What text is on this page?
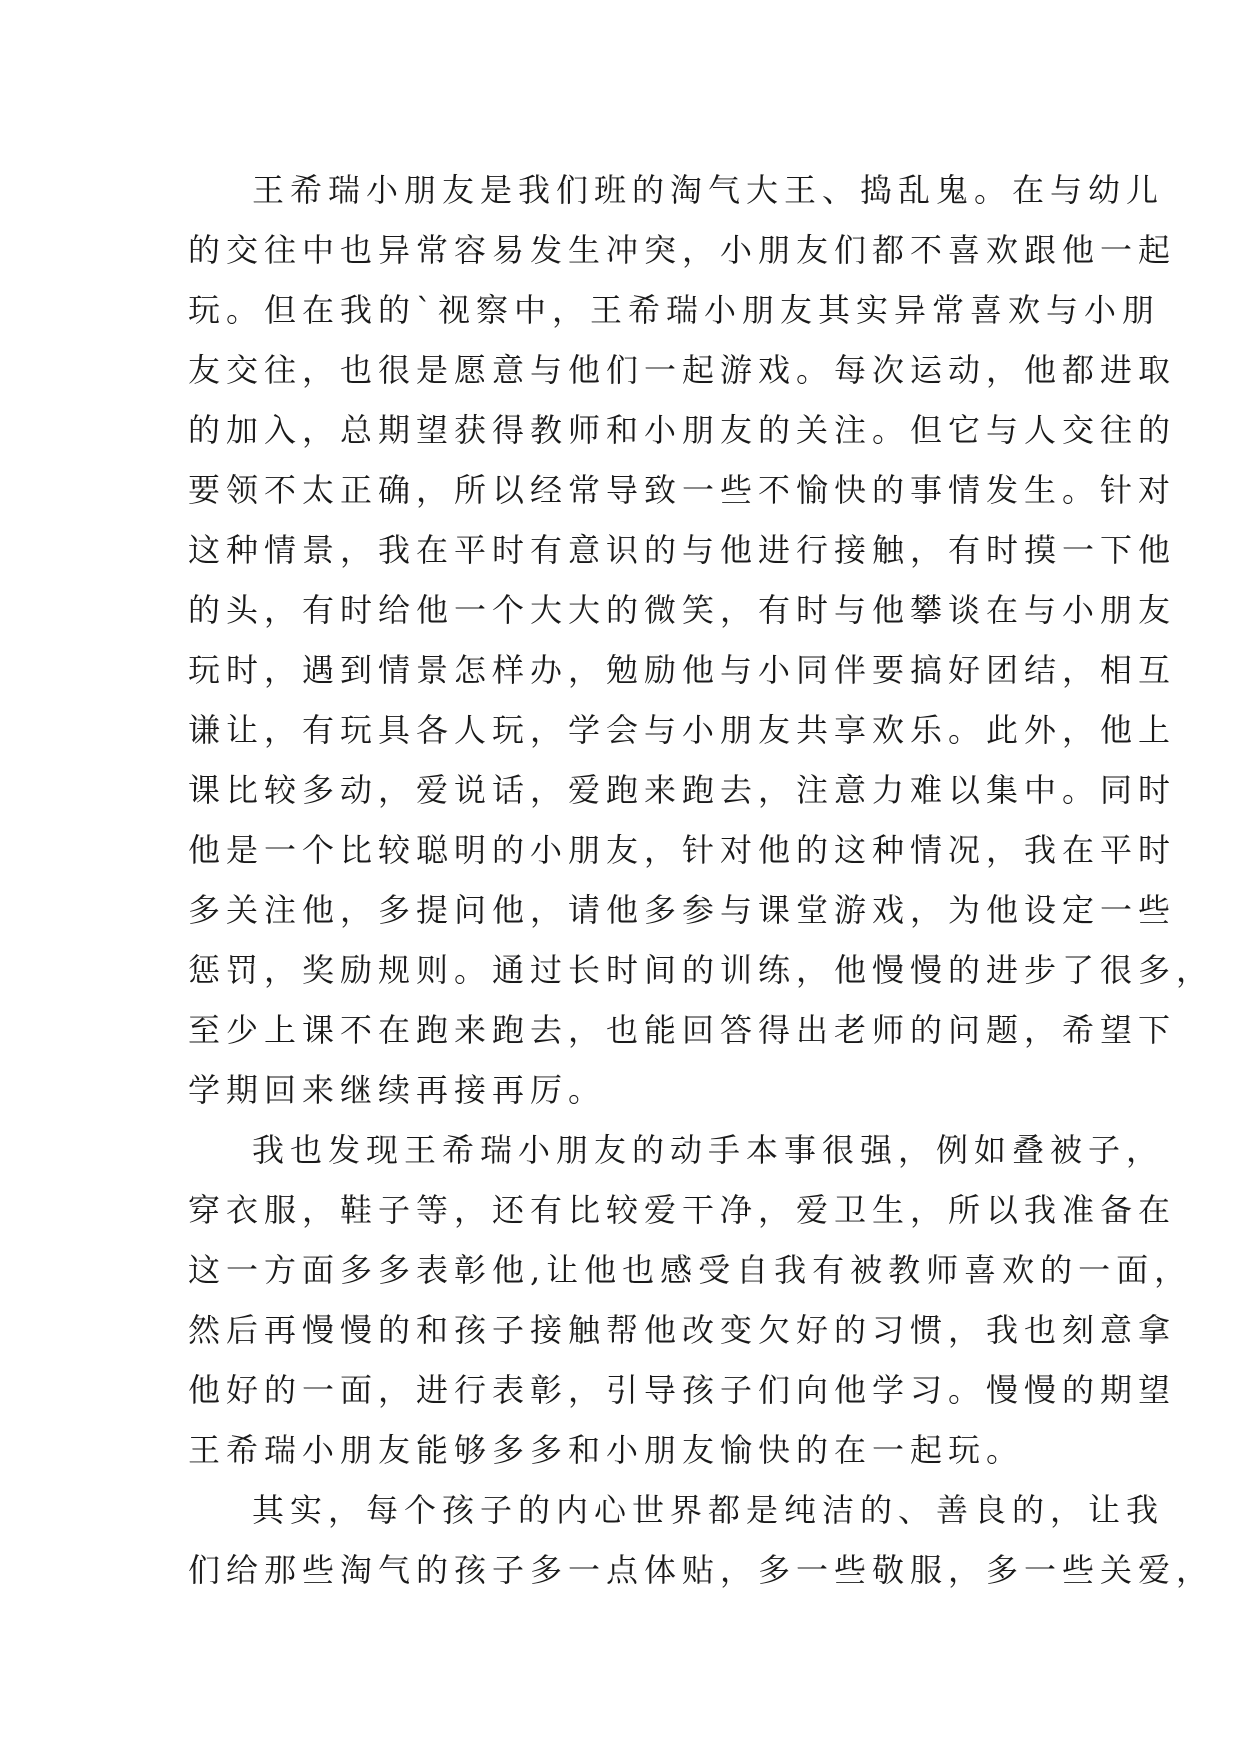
王希瑞小朋友是我们班的淘气大王、捣乱鬼。在与幼儿
的交往中也异常容易发生冲突，小朋友们都不喜欢跟他一起
玩。但在我的`视察中，王希瑞小朋友其实异常喜欢与小朋
友交往，也很是愿意与他们一起游戏。每次运动，他都进取
的加入，总期望获得教师和小朋友的关注。但它与人交往的
要领不太正确，所以经常导致一些不愉快的事情发生。针对
这种情景，我在平时有意识的与他进行接触，有时摸一下他
的头，有时给他一个大大的微笑，有时与他攀谈在与小朋友
玩时，遇到情景怎样办，勉励他与小同伴要搞好团结，相互
谦让，有玩具各人玩，学会与小朋友共享欢乐。此外，他上
课比较多动，爱说话，爱跑来跑去，注意力难以集中。同时
他是一个比较聪明的小朋友，针对他的这种情况，我在平时
多关注他，多提问他，请他多参与课堂游戏，为他设定一些
惩罚，奖励规则。通过长时间的训练，他慢慢的进步了很多，
至少上课不在跑来跑去，也能回答得出老师的问题，希望下
学期回来继续再接再厉。
我也发现王希瑞小朋友的动手本事很强，例如叠被子，
穿衣服，鞋子等，还有比较爱干净，爱卫生，所以我准备在
这一方面多多表彰他,让他也感受自我有被教师喜欢的一面，
然后再慢慢的和孩子接触帮他改变欠好的习惯，我也刻意拿
他好的一面，进行表彰，引导孩子们向他学习。慢慢的期望
王希瑞小朋友能够多多和小朋友愉快的在一起玩。
其实，每个孩子的内心世界都是纯洁的、善良的，让我
们给那些淘气的孩子多一点体贴，多一些敬服，多一些关爱，
